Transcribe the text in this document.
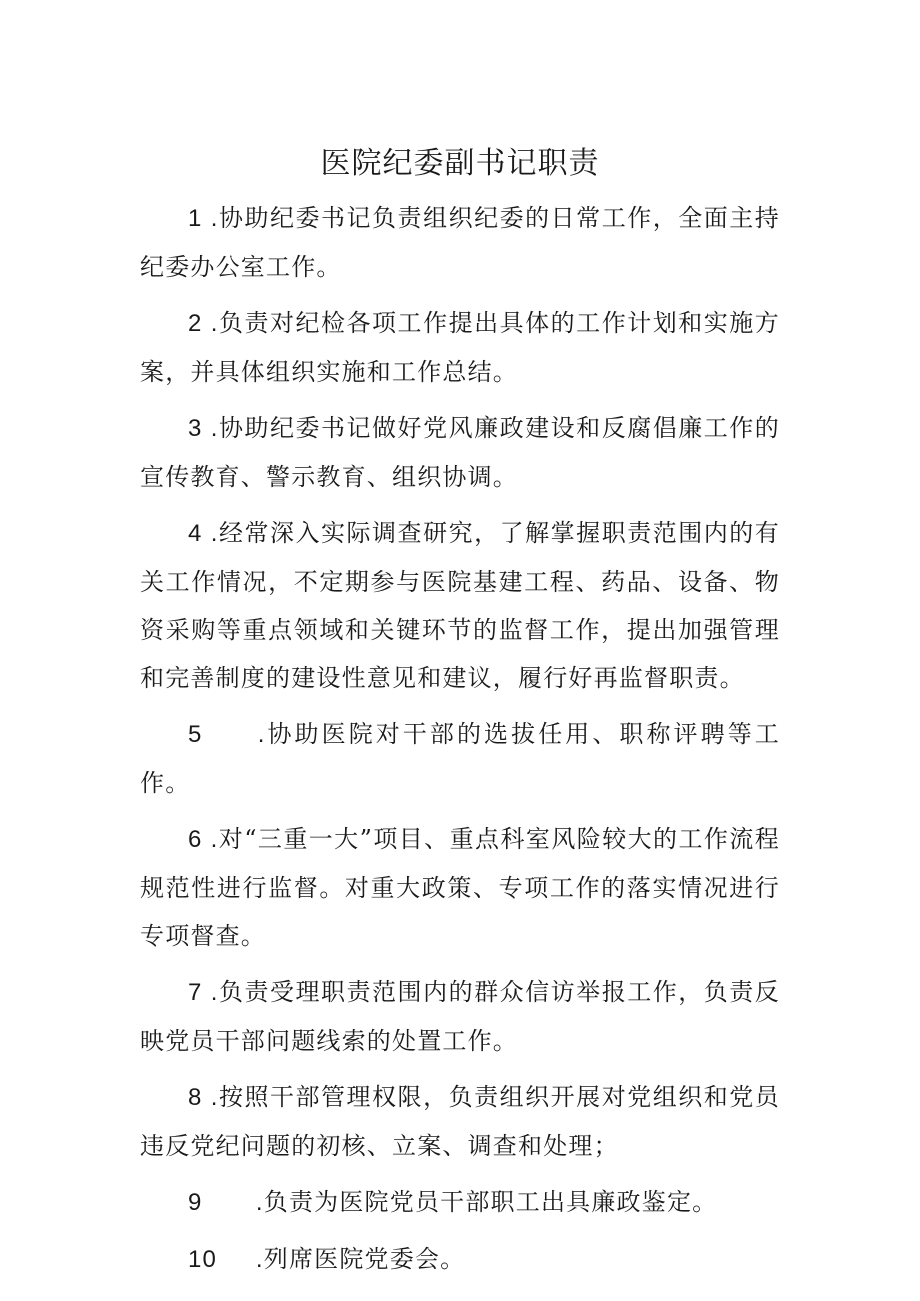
医院纪委副书记职责

1 .协助纪委书记负责组织纪委的日常工作，全面主持纪委办公室工作。

2 .负责对纪检各项工作提出具体的工作计划和实施方案，并具体组织实施和工作总结。

3 .协助纪委书记做好党风廉政建设和反腐倡廉工作的宣传教育、警示教育、组织协调。

4 .经常深入实际调查研究，了解掌握职责范围内的有关工作情况，不定期参与医院基建工程、药品、设备、物资采购等重点领域和关键环节的监督工作，提出加强管理和完善制度的建设性意见和建议，履行好再监督职责。

5 .协助医院对干部的选拔任用、职称评聘等工作。

6 .对“三重一大”项目、重点科室风险较大的工作流程规范性进行监督。对重大政策、专项工作的落实情况进行专项督查。

7 .负责受理职责范围内的群众信访举报工作，负责反映党员干部问题线索的处置工作。

8 .按照干部管理权限，负责组织开展对党组织和党员违反党纪问题的初核、立案、调查和处理；

9 .负责为医院党员干部职工出具廉政鉴定。

10 .列席医院党委会。
